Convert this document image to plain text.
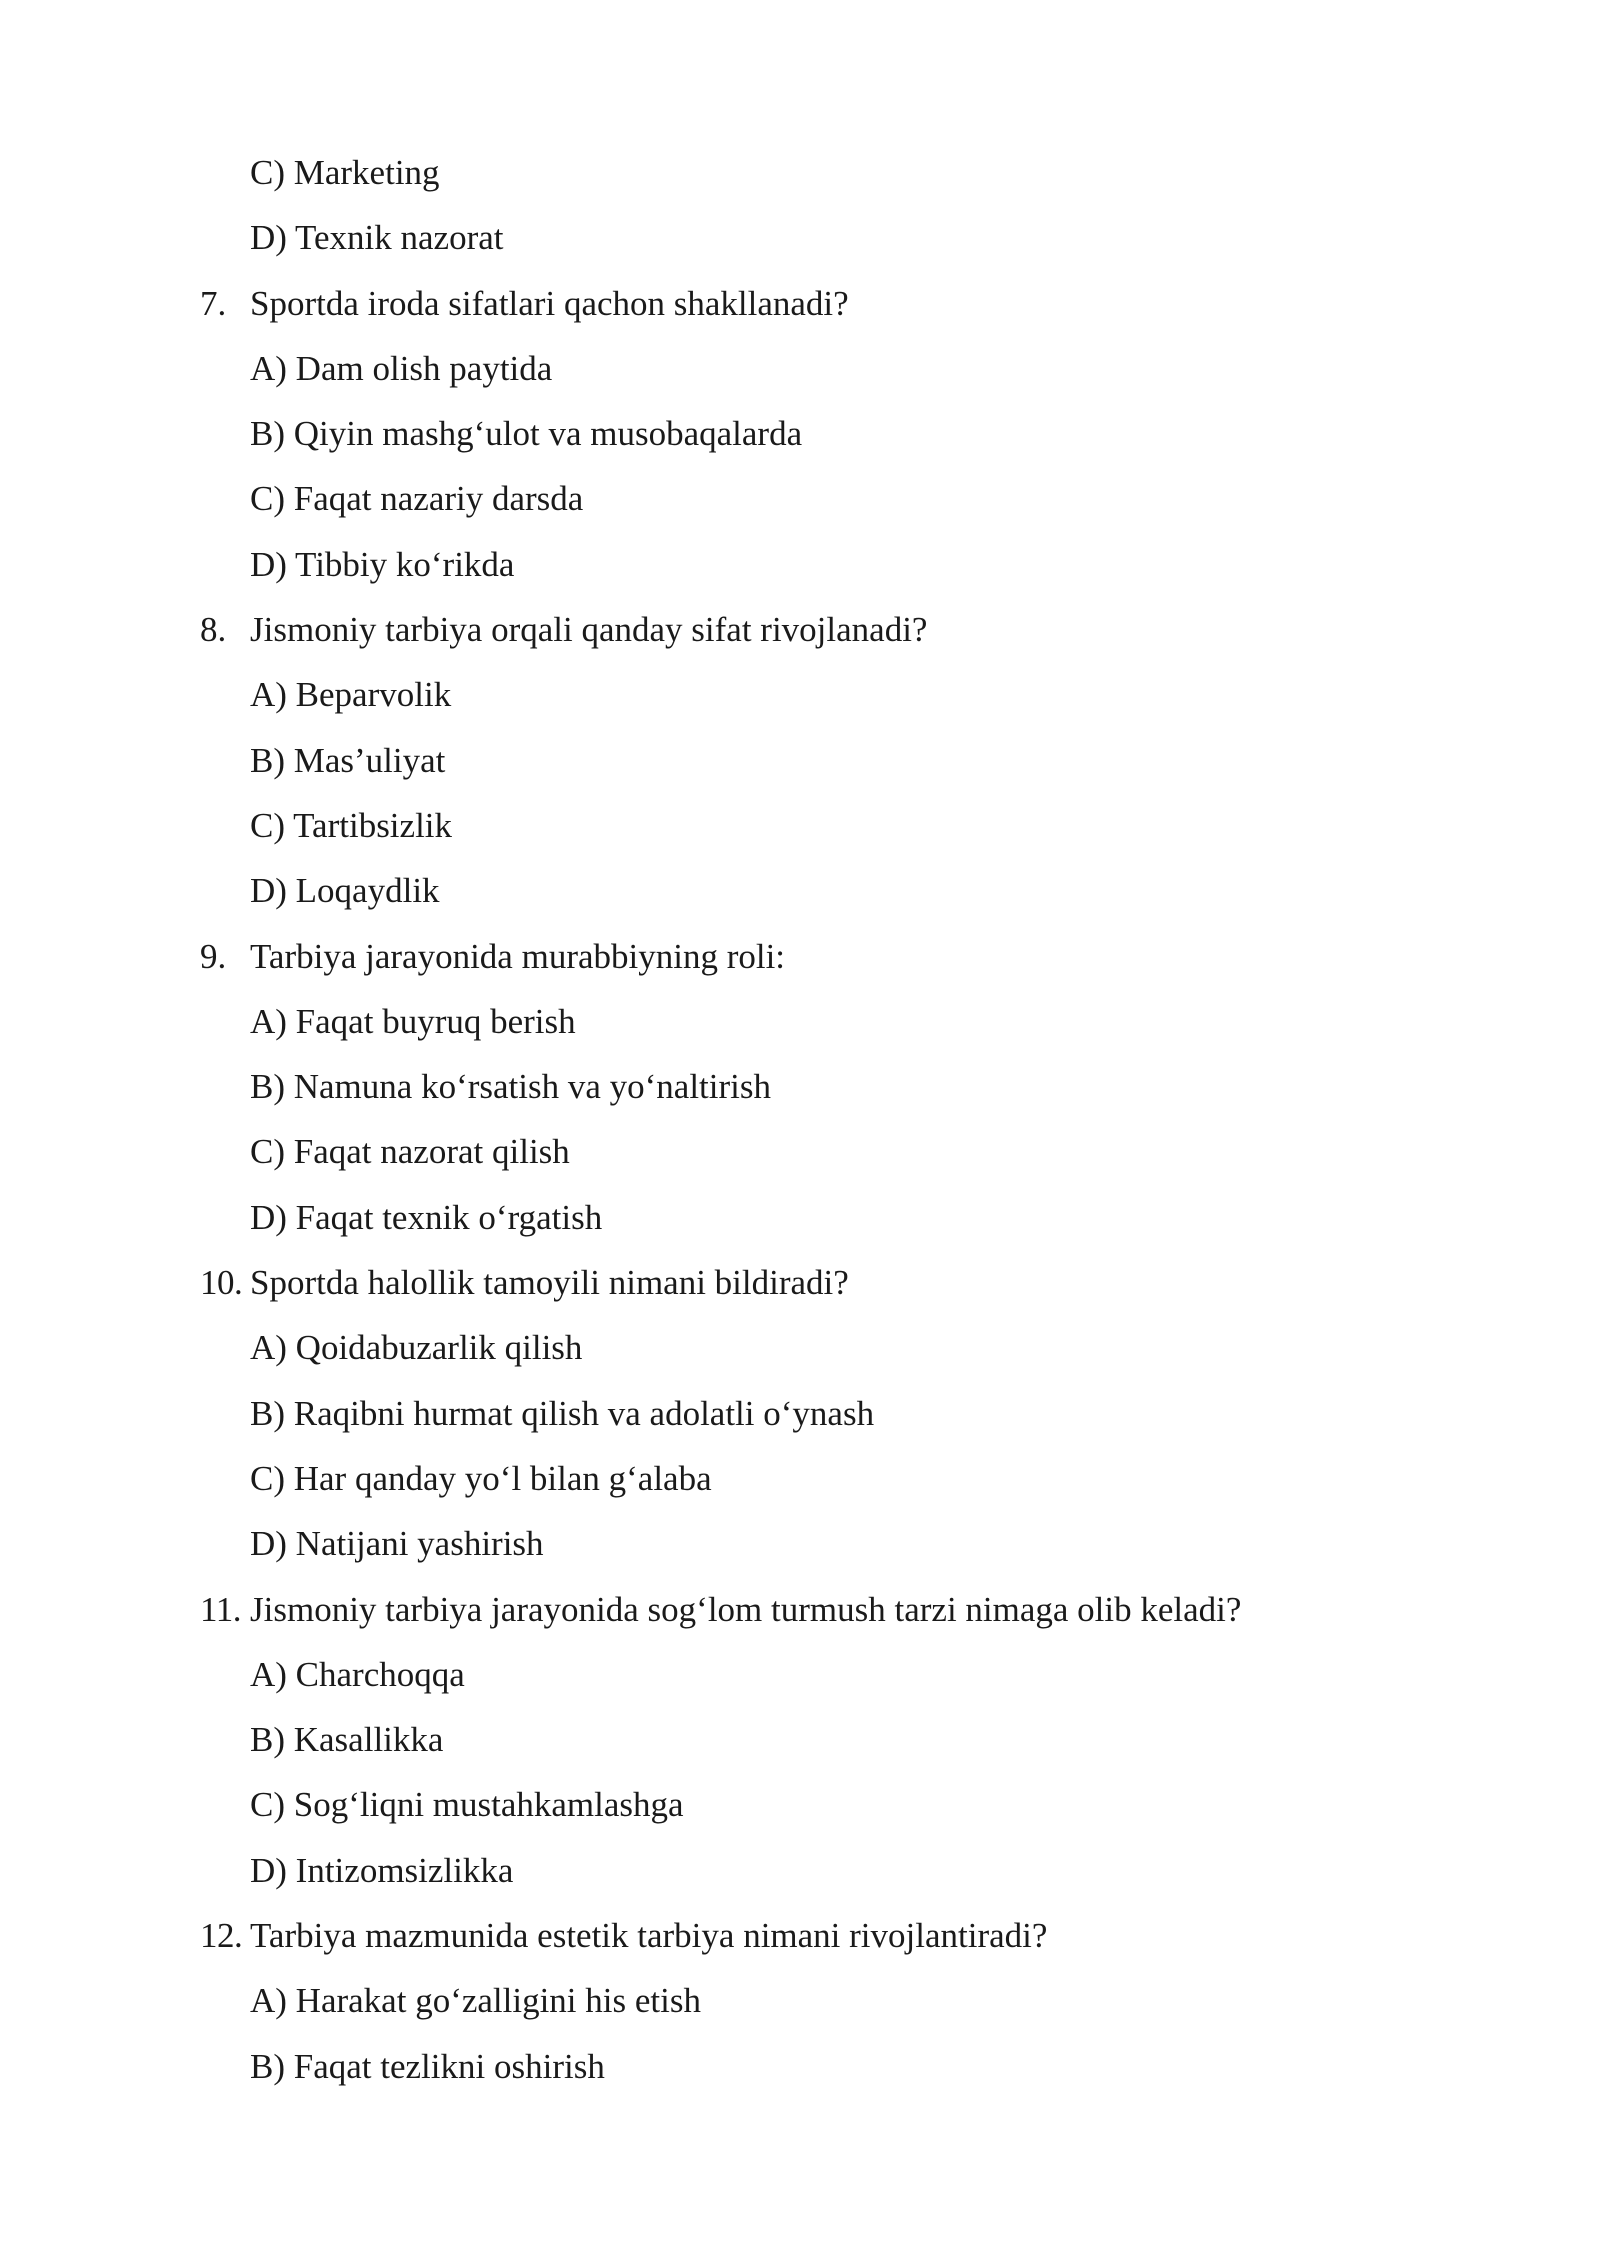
C) Marketing
D) Texnik nazorat
7. Sportda iroda sifatlari qachon shakllanadi?
A) Dam olish paytida
B) Qiyin mashg‘ulot va musobaqalarda
C) Faqat nazariy darsda
D) Tibbiy ko‘rikda
8. Jismoniy tarbiya orqali qanday sifat rivojlanadi?
A) Beparvolik
B) Mas’uliyat
C) Tartibsizlik
D) Loqaydlik
9. Tarbiya jarayonida murabbiyning roli:
A) Faqat buyruq berish
B) Namuna ko‘rsatish va yo‘naltirish
C) Faqat nazorat qilish
D) Faqat texnik o‘rgatish
10. Sportda halollik tamoyili nimani bildiradi?
A) Qoidabuzarlik qilish
B) Raqibni hurmat qilish va adolatli o‘ynash
C) Har qanday yo‘l bilan g‘alaba
D) Natijani yashirish
11. Jismoniy tarbiya jarayonida sog‘lom turmush tarzi nimaga olib keladi?
A) Charchoqqa
B) Kasallikka
C) Sog‘liqni mustahkamlashga
D) Intizomsizlikka
12. Tarbiya mazmunida estetik tarbiya nimani rivojlantiradi?
A) Harakat go‘zalligini his etish
B) Faqat tezlikni oshirish
